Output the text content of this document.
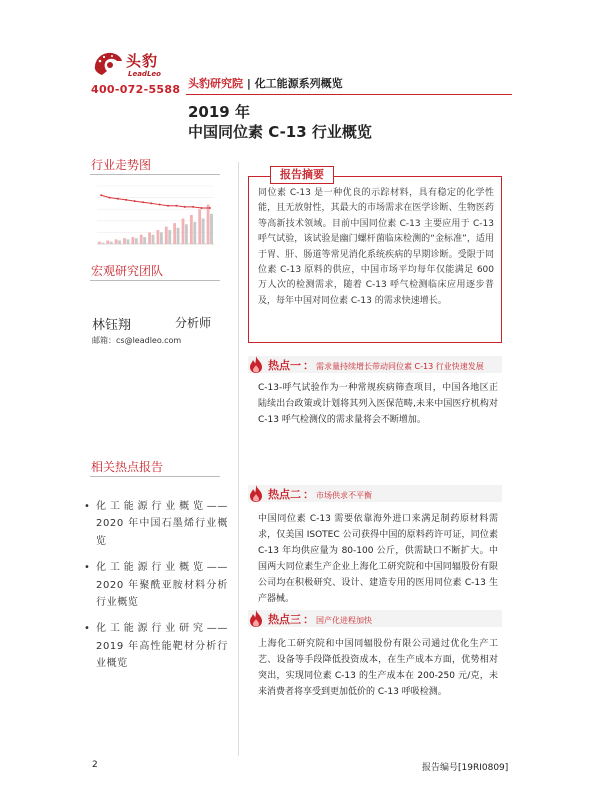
头豹
LeadLeo
400-072-5588 头豹研究院 | 化工能源系列概览
2019 年
中国同位素 C-13 行业概览
行业走势图
宏观研究团队
林钰翔	分析师
邮箱：cs@leadleo.com
相关热点报告
• 化工能源行业概览——2020 年中国石墨烯行业概览
• 化工能源行业概览——2020 年聚酰亚胺材料分析行业概览
• 化工能源行业研究——2019 年高性能靶材分析行业概览
报告摘要
同位素 C-13 是一种优良的示踪材料，具有稳定的化学性能，且无放射性，其最大的市场需求在医学诊断、生物医药等高新技术领域。目前中国同位素 C-13 主要应用于 C-13 呼气试验，该试验是幽门螺杆菌临床检测的“金标准”，适用于胃、肝、肠道等常见消化系统疾病的早期诊断。受限于同位素 C-13 原料的供应，中国市场平均每年仅能满足 600 万人次的检测需求，随着 C-13 呼气检测临床应用逐步普及，每年中国对同位素 C-13 的需求快速增长。
热点一 ： 需求量持续增长带动同位素 C-13 行业快速发展
C-13-呼气试验作为一种常规疾病筛查项目，中国各地区正陆续出台政策或计划将其列入医保范畴,未来中国医疗机构对 C-13 呼气检测仪的需求量将会不断增加。
热点二 ： 市场供求不平衡
中国同位素 C-13 需要依靠海外进口来满足制药原材料需求，仅美国 ISOTEC 公司获得中国的原料药许可证，同位素 C-13 年均供应量为 80-100 公斤，供需缺口不断扩大。中国两大同位素生产企业上海化工研究院和中国同辐股份有限公司均在积极研究、设计、建造专用的医用同位素 C-13 生产器械。
热点三 ： 国产化进程加快
上海化工研究院和中国同辐股份有限公司通过优化生产工艺、设备等手段降低投资成本，在生产成本方面，优势相对突出，实现同位素 C-13 的生产成本在 200-250 元/克，未来消费者将享受到更加低价的 C-13 呼吸检测。
2	报告编号[19RI0809]
